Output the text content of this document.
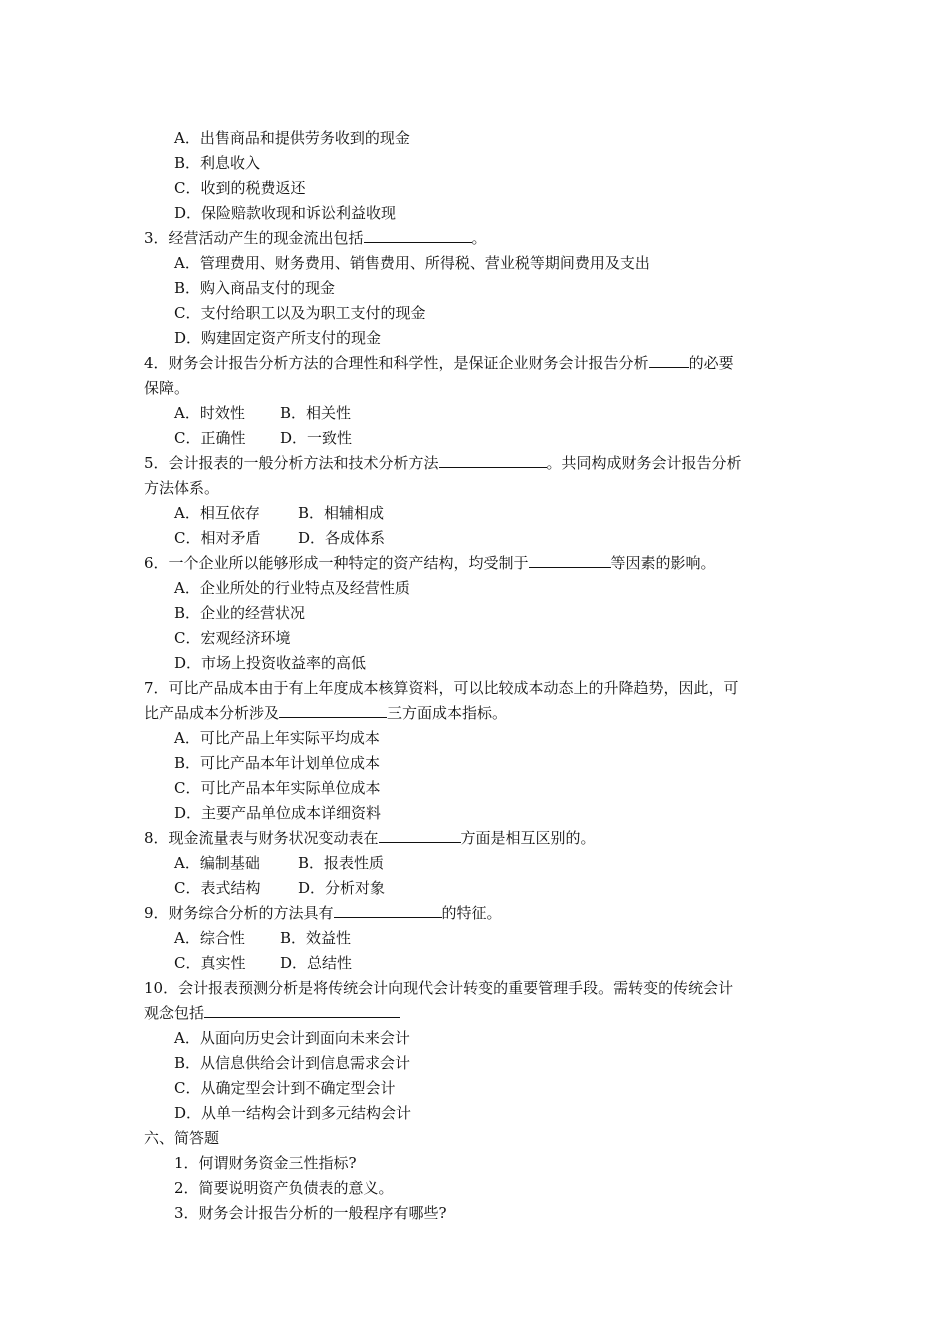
A．出售商品和提供劳务收到的现金
B．利息收入
C．收到的税费返还
D．保险赔款收现和诉讼利益收现
3．经营活动产生的现金流出包括	。
A．管理费用、财务费用、销售费用、所得税、营业税等期间费用及支出
B．购入商品支付的现金
C．支付给职工以及为职工支付的现金
D．购建固定资产所支付的现金
4．财务会计报告分析方法的合理性和科学性，是保证企业财务会计报告分析	的必要
保障。
A．时效性	B．相关性
C．正确性	D．一致性
5．会计报表的一般分析方法和技术分析方法	。共同构成财务会计报告分析
方法体系。
A．相互依存	B．相辅相成
C．相对矛盾	D．各成体系
6．一个企业所以能够形成一种特定的资产结构，均受制于	等因素的影响。
A．企业所处的行业特点及经营性质
B．企业的经营状况
C．宏观经济环境
D．市场上投资收益率的高低
7．可比产品成本由于有上年度成本核算资料，可以比较成本动态上的升降趋势，因此，可
比产品成本分析涉及	三方面成本指标。
A．可比产品上年实际平均成本
B．可比产品本年计划单位成本
C．可比产品本年实际单位成本
D．主要产品单位成本详细资料
8．现金流量表与财务状况变动表在	方面是相互区别的。
A．编制基础	B．报表性质
C．表式结构	D．分析对象
9．财务综合分析的方法具有	的特征。
A．综合性	B．效益性
C．真实性	D．总结性
10．会计报表预测分析是将传统会计向现代会计转变的重要管理手段。需转变的传统会计
观念包括
A．从面向历史会计到面向未来会计
B．从信息供给会计到信息需求会计
C．从确定型会计到不确定型会计
D．从单一结构会计到多元结构会计
六、简答题
1．何谓财务资金三性指标?
2．简要说明资产负债表的意义。
3．财务会计报告分析的一般程序有哪些?
